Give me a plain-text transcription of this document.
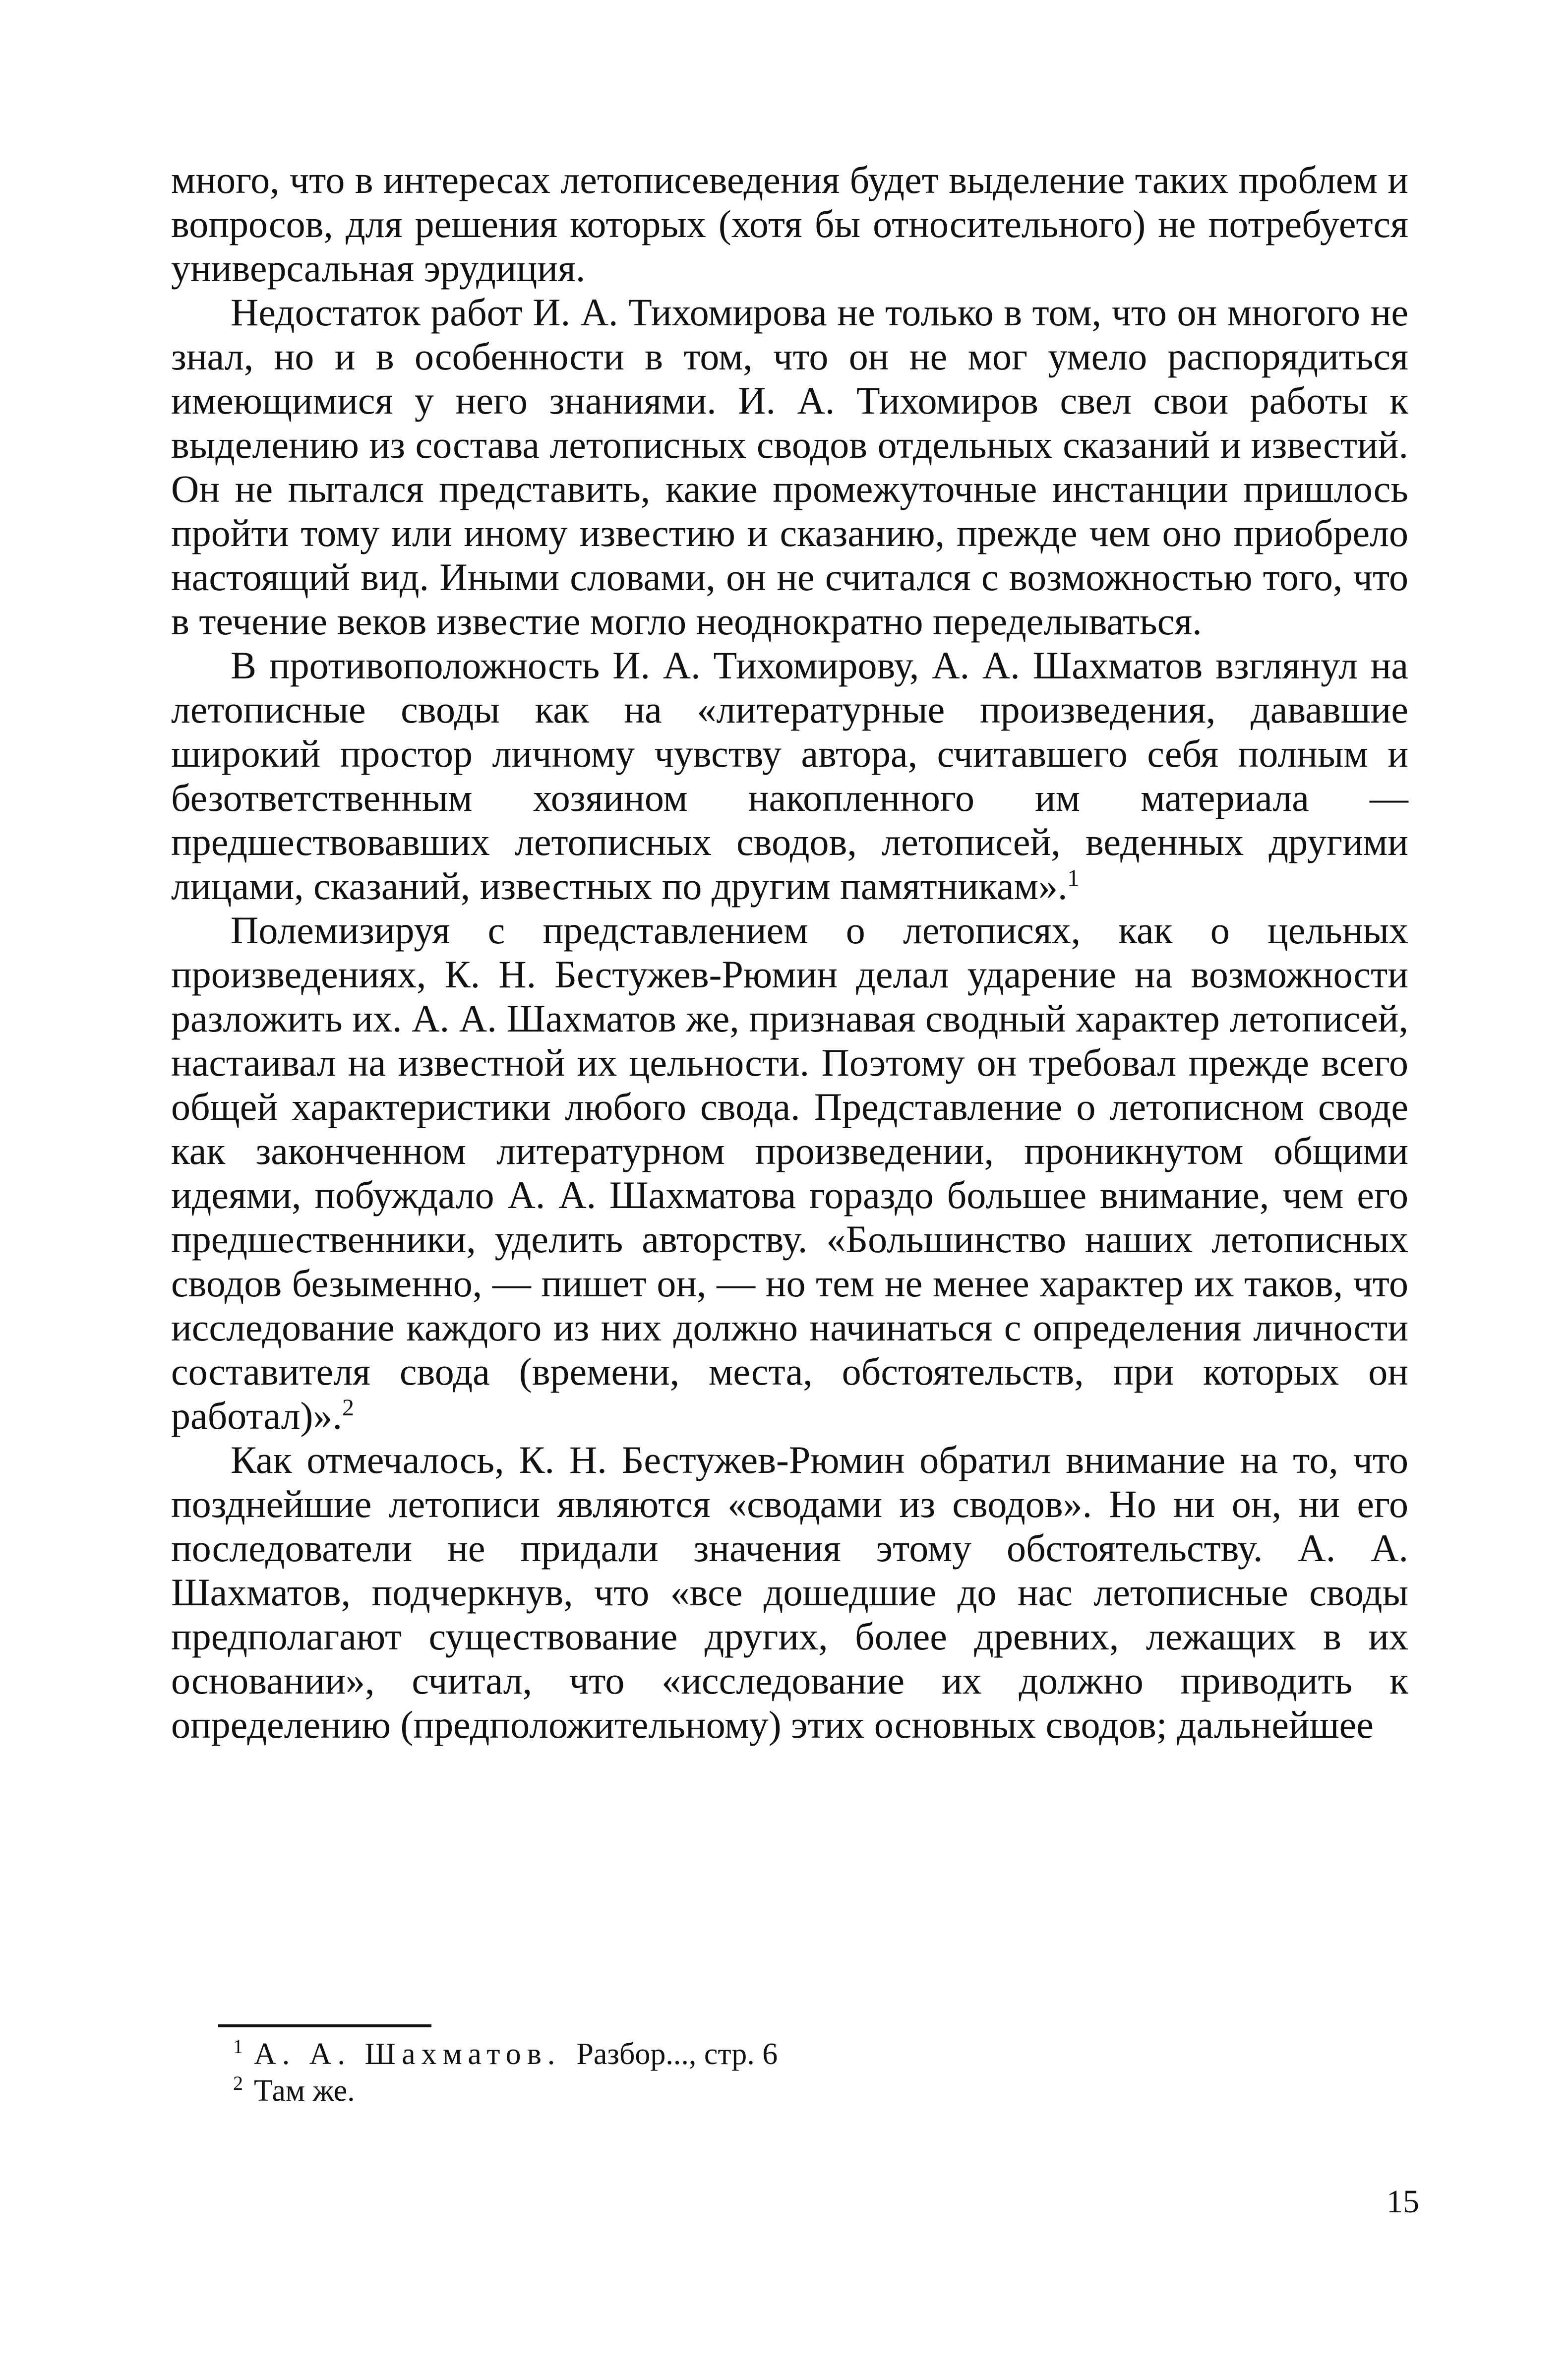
много, что в интересах летописеведения будет выделение таких проблем и вопросов, для решения которых (хотя бы относительного) не потребуется универсальная эрудиция.

Недостаток работ И. А. Тихомирова не только в том, что он многого не знал, но и в особенности в том, что он не мог умело распорядиться имеющимися у него знаниями. И. А. Тихомиров свел свои работы к выделению из состава летописных сводов отдельных сказаний и известий. Он не пытался представить, какие промежуточные инстанции пришлось пройти тому или иному известию и сказанию, прежде чем оно приобрело настоящий вид. Иными словами, он не считался с возможностью того, что в течение веков известие могло неоднократно переделываться.

В противоположность И. А. Тихомирову, А. А. Шахматов взглянул на летописные своды как на «литературные произведения, дававшие широкий простор личному чувству автора, считавшего себя полным и безответственным хозяином накопленного им материала — предшествовавших летописных сводов, летописей, веденных другими лицами, сказаний, известных по другим памятникам».$^1$

Полемизируя с представлением о летописях, как о цельных произведениях, К. Н. Бестужев-Рюмин делал ударение на возможности разложить их. А. А. Шахматов же, признавая сводный характер летописей, настаивал на известной их цельности. Поэтому он требовал прежде всего общей характеристики любого свода. Представление о летописном своде как законченном литературном произведении, проникнутом общими идеями, побуждало А. А. Шахматова гораздо большее внимание, чем его предшественники, уделить авторству. «Большинство наших летописных сводов безыменно, — пишет он, — но тем не менее характер их таков, что исследование каждого из них должно начинаться с определения личности составителя свода (времени, места, обстоятельств, при которых он работал)».$^2$

Как отмечалось, К. Н. Бестужев-Рюмин обратил внимание на то, что позднейшие летописи являются «сводами из сводов». Но ни он, ни его последователи не придали значения этому обстоятельству. А. А. Шахматов, подчеркнув, что «все дошедшие до нас летописные своды предполагают существование других, более древних, лежащих в их основании», считал, что «исследование их должно приводить к определению (предположительному) этих основных сводов; дальнейшее

$^1$ А. А. Шахматов. Разбор..., стр. 6

$^2$ Там же.

15
